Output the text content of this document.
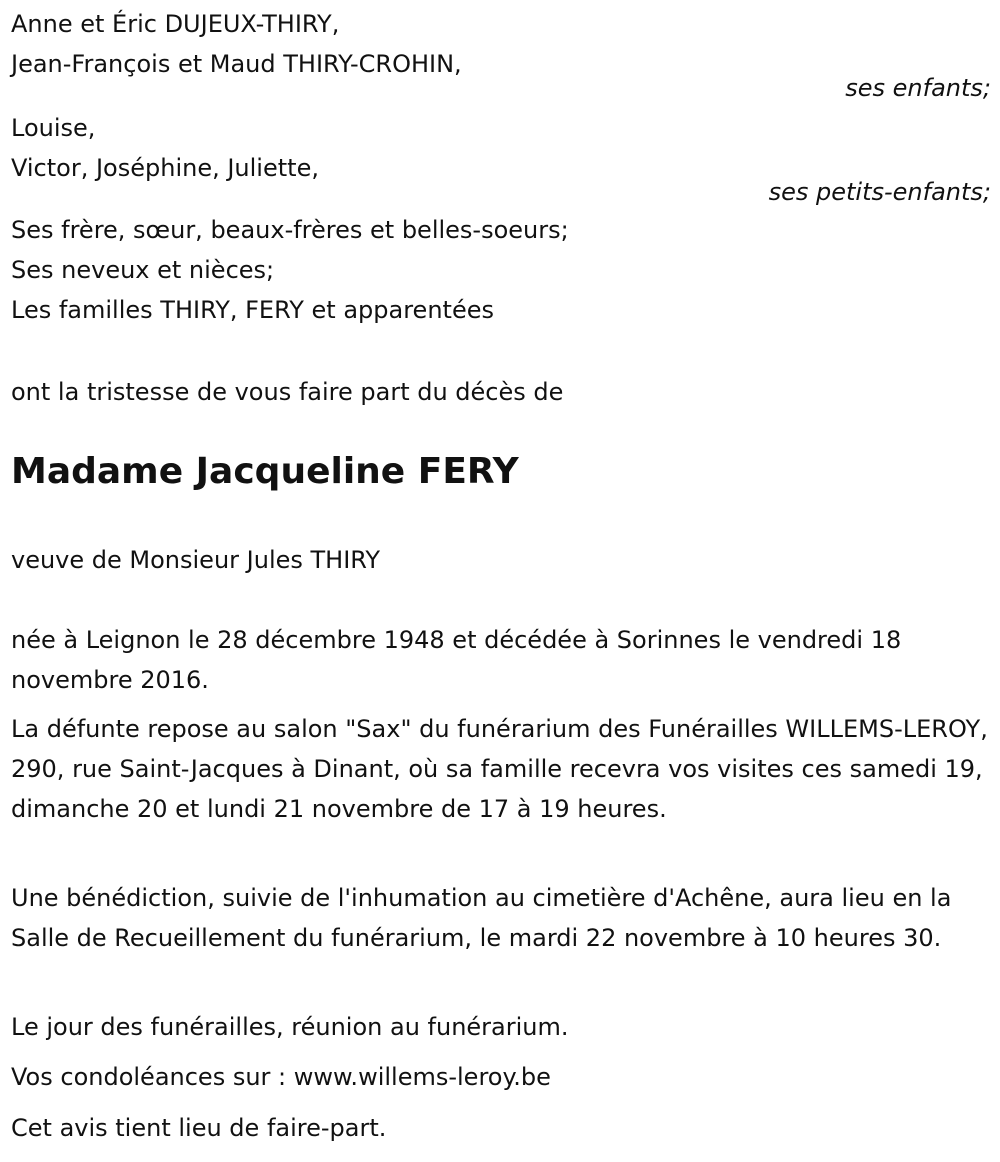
Anne et Éric DUJEUX-THIRY,
Jean-François et Maud THIRY-CROHIN,
ses enfants;
Louise,
Victor, Joséphine, Juliette,
ses petits-enfants;
Ses frère, sœur, beaux-frères et belles-soeurs;
Ses neveux et nièces;
Les familles THIRY, FERY et apparentées
ont la tristesse de vous faire part du décès de
Madame Jacqueline FERY
veuve de Monsieur Jules THIRY
née à Leignon le 28 décembre 1948 et décédée à Sorinnes le vendredi 18 novembre 2016.
La défunte repose au salon "Sax" du funérarium des Funérailles WILLEMS-LEROY, 290, rue Saint-Jacques à Dinant, où sa famille recevra vos visites ces samedi 19, dimanche 20 et lundi 21 novembre de 17 à 19 heures.
Une bénédiction, suivie de l'inhumation au cimetière d'Achêne, aura lieu en la Salle de Recueillement du funérarium, le mardi 22 novembre à 10 heures 30.
Le jour des funérailles, réunion au funérarium.
Vos condoléances sur : www.willems-leroy.be
Cet avis tient lieu de faire-part.
